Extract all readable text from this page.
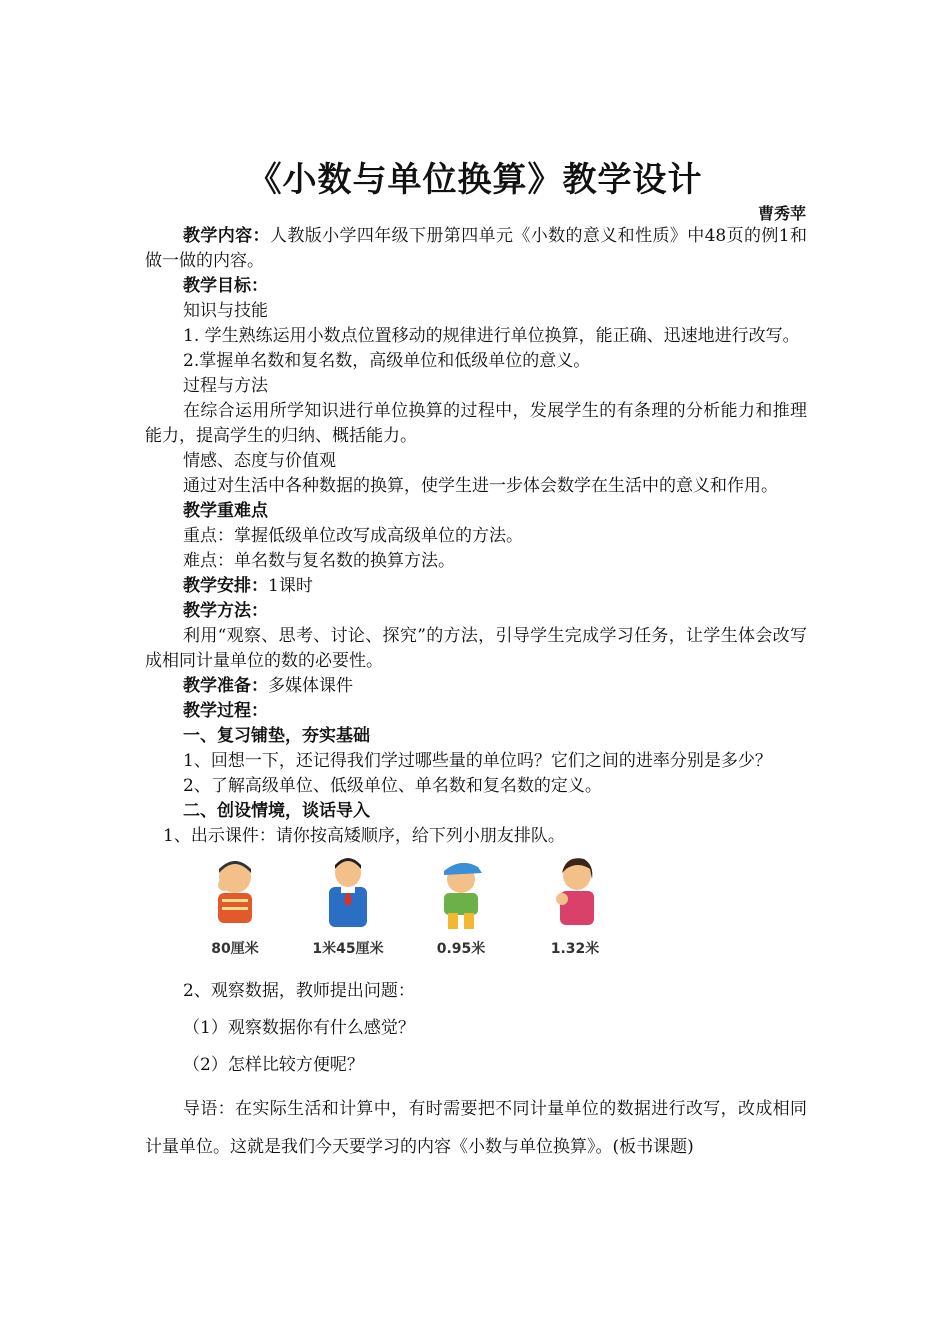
《小数与单位换算》教学设计
曹秀苹

教学内容：人教版小学四年级下册第四单元《小数的意义和性质》中48页的例1和做一做的内容。

教学目标：

知识与技能

1. 学生熟练运用小数点位置移动的规律进行单位换算，能正确、迅速地进行改写。

2.掌握单名数和复名数，高级单位和低级单位的意义。

过程与方法

在综合运用所学知识进行单位换算的过程中，发展学生的有条理的分析能力和推理能力，提高学生的归纳、概括能力。

情感、态度与价值观

通过对生活中各种数据的换算，使学生进一步体会数学在生活中的意义和作用。

教学重难点

重点：掌握低级单位改写成高级单位的方法。

难点：单名数与复名数的换算方法。

教学安排：1课时

教学方法：

利用“观察、思考、讨论、探究”的方法，引导学生完成学习任务，让学生体会改写成相同计量单位的数的必要性。

教学准备：多媒体课件

教学过程：

一、复习铺垫，夯实基础

1、回想一下，还记得我们学过哪些量的单位吗？它们之间的进率分别是多少？

2、了解高级单位、低级单位、单名数和复名数的定义。

二、创设情境，谈话导入

1、出示课件：请你按高矮顺序，给下列小朋友排队。

80厘米	1米45厘米	0.95米	1.32米

2、观察数据，教师提出问题：

（1）观察数据你有什么感觉？

（2）怎样比较方便呢？

导语：在实际生活和计算中，有时需要把不同计量单位的数据进行改写，改成相同计量单位。这就是我们今天要学习的内容《小数与单位换算》。(板书课题)
